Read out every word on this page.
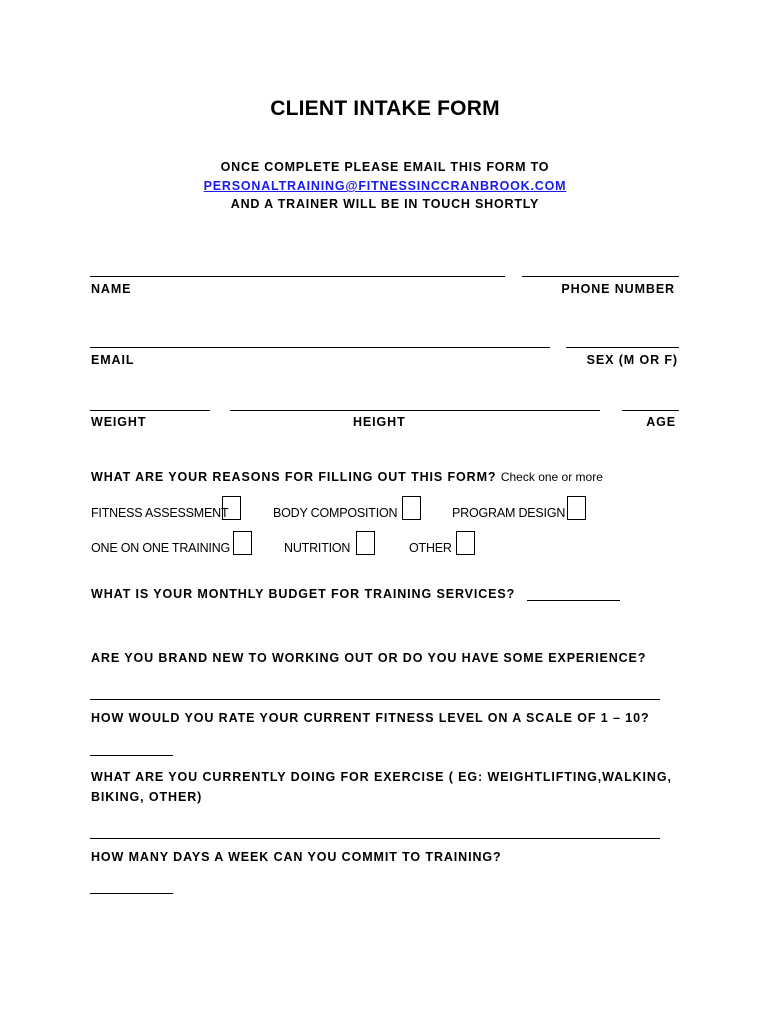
CLIENT INTAKE FORM
ONCE COMPLETE PLEASE EMAIL THIS FORM TO
PERSONALTRAINING@FITNESSINCCRANBROOK.COM
AND A TRAINER WILL BE IN TOUCH SHORTLY
NAME	PHONE NUMBER
EMAIL	SEX (M OR F)
WEIGHT	HEIGHT	AGE
WHAT ARE YOUR REASONS FOR FILLING OUT THIS FORM? Check one or more
FITNESS ASSESSMENT	BODY COMPOSITION	PROGRAM DESIGN
ONE ON ONE TRAINING	NUTRITION	OTHER
WHAT IS YOUR MONTHLY BUDGET FOR TRAINING SERVICES?
ARE YOU BRAND NEW TO WORKING OUT OR DO YOU HAVE SOME EXPERIENCE?
HOW WOULD YOU RATE YOUR CURRENT FITNESS LEVEL ON A SCALE OF 1 – 10?
WHAT ARE YOU CURRENTLY DOING FOR EXERCISE ( EG: WEIGHTLIFTING,WALKING,
BIKING, OTHER)
HOW MANY DAYS A WEEK CAN YOU COMMIT TO TRAINING?
